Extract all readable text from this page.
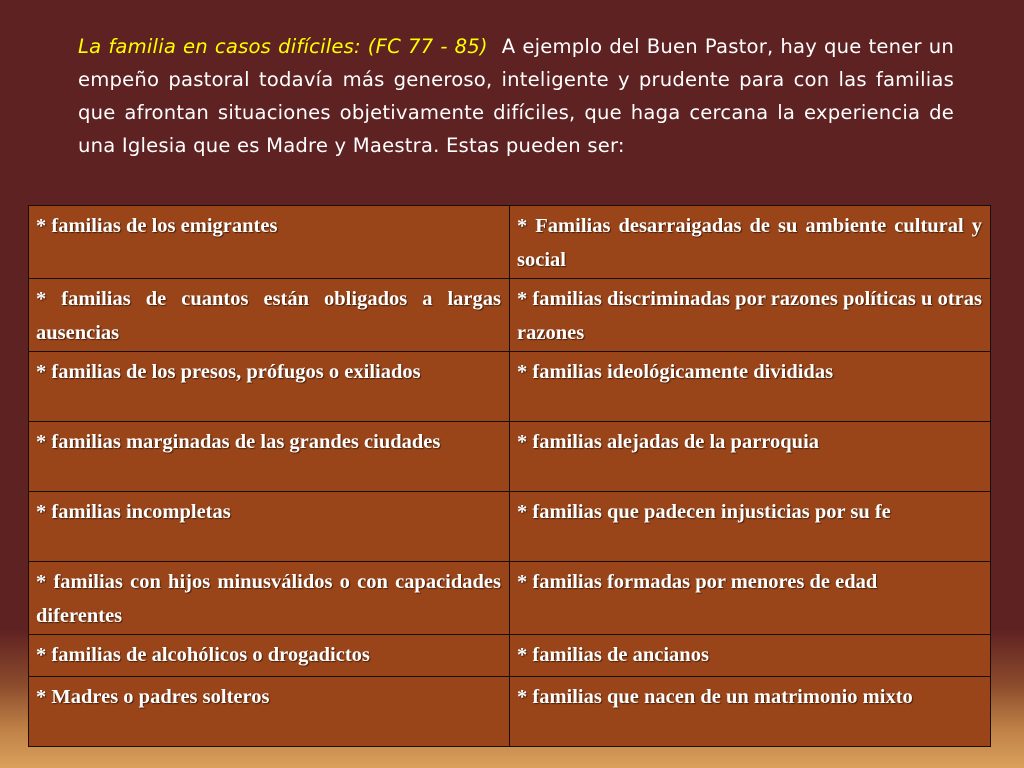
La familia en casos difíciles: (FC 77 - 85) A ejemplo del Buen Pastor, hay que tener un empeño pastoral todavía más generoso, inteligente y prudente para con las familias que afrontan situaciones objetivamente difíciles, que haga cercana la experiencia de una Iglesia que es Madre y Maestra. Estas pueden ser:

* familias de los emigrantes	* Familias desarraigadas de su ambiente cultural y social
* familias de cuantos están obligados a largas ausencias	* familias discriminadas por razones políticas u otras razones
* familias de los presos, prófugos o exiliados	* familias ideológicamente divididas
* familias marginadas de las grandes ciudades	* familias alejadas de la parroquia
* familias incompletas	* familias que padecen injusticias por su fe
* familias con hijos minusválidos o con capacidades diferentes	* familias formadas por menores de edad
* familias de alcohólicos o drogadictos	* familias de ancianos
* Madres o padres solteros	* familias que nacen de un matrimonio mixto
